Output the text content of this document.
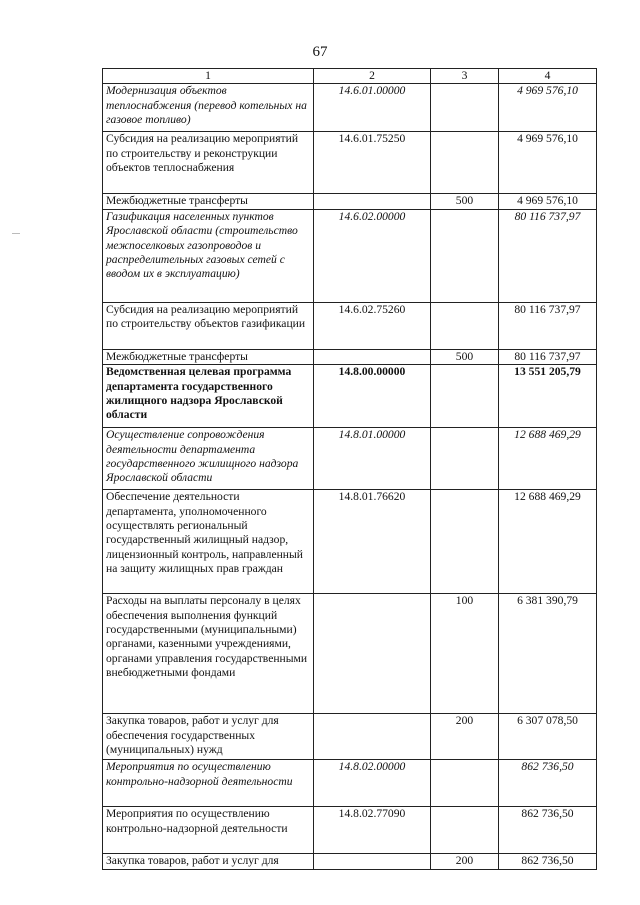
67
1	2	3	4
Модернизация объектов теплоснабжения (перевод котельных на газовое топливо)	14.6.01.00000		4 969 576,10
Субсидия на реализацию мероприятий по строительству и реконструкции объектов теплоснабжения	14.6.01.75250		4 969 576,10
Межбюджетные трансферты		500	4 969 576,10
Газификация населенных пунктов Ярославской области (строительство межпоселковых газопроводов и распределительных газовых сетей с вводом их в эксплуатацию)	14.6.02.00000		80 116 737,97
Субсидия на реализацию мероприятий по строительству объектов газификации	14.6.02.75260		80 116 737,97
Межбюджетные трансферты		500	80 116 737,97
Ведомственная целевая программа департамента государственного жилищного надзора Ярославской области	14.8.00.00000		13 551 205,79
Осуществление сопровождения деятельности департамента государственного жилищного надзора Ярославской области	14.8.01.00000		12 688 469,29
Обеспечение деятельности департамента, уполномоченного осуществлять региональный государственный жилищный надзор, лицензионный контроль, направленный на защиту жилищных прав граждан	14.8.01.76620		12 688 469,29
Расходы на выплаты персоналу в целях обеспечения выполнения функций государственными (муниципальными) органами, казенными учреждениями, органами управления государственными внебюджетными фондами		100	6 381 390,79
Закупка товаров, работ и услуг для обеспечения государственных (муниципальных) нужд		200	6 307 078,50
Мероприятия по осуществлению контрольно-надзорной деятельности	14.8.02.00000		862 736,50
Мероприятия по осуществлению контрольно-надзорной деятельности	14.8.02.77090		862 736,50
Закупка товаров, работ и услуг для		200	862 736,50
